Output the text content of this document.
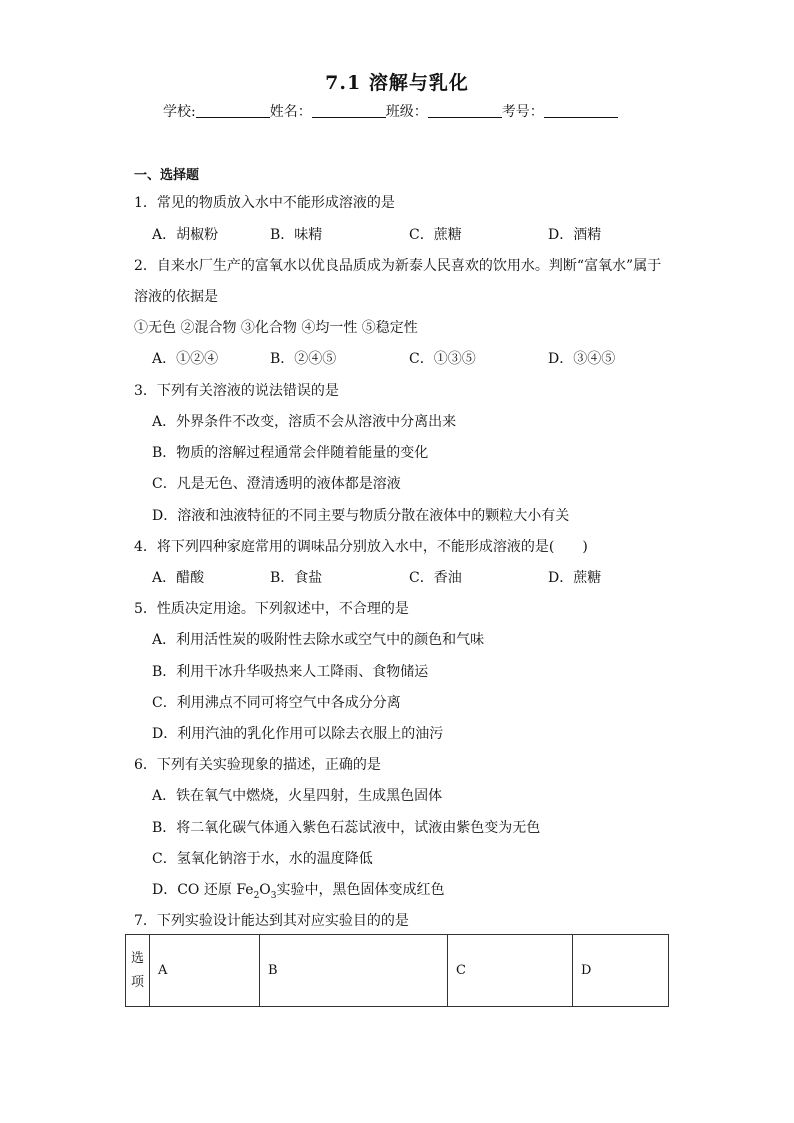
7.1 溶解与乳化
学校:	姓名：	班级：	考号：
一、选择题
1．常见的物质放入水中不能形成溶液的是
A．胡椒粉	B．味精	C．蔗糖	D．酒精
2．自来水厂生产的富氧水以优良品质成为新泰人民喜欢的饮用水。判断“富氧水”属于
溶液的依据是
①无色 ②混合物 ③化合物 ④均一性 ⑤稳定性
A．①②④	B．②④⑤	C．①③⑤	D．③④⑤
3．下列有关溶液的说法错误的是
A．外界条件不改变，溶质不会从溶液中分离出来
B．物质的溶解过程通常会伴随着能量的变化
C．凡是无色、澄清透明的液体都是溶液
D．溶液和浊液特征的不同主要与物质分散在液体中的颗粒大小有关
4．将下列四种家庭常用的调味品分别放入水中，不能形成溶液的是(　　)
A．醋酸	B．食盐	C．香油	D．蔗糖
5．性质决定用途。下列叙述中，不合理的是
A．利用活性炭的吸附性去除水或空气中的颜色和气味
B．利用干冰升华吸热来人工降雨、食物储运
C．利用沸点不同可将空气中各成分分离
D．利用汽油的乳化作用可以除去衣服上的油污
6．下列有关实验现象的描述，正确的是
A．铁在氧气中燃烧，火星四射，生成黑色固体
B．将二氧化碳气体通入紫色石蕊试液中，试液由紫色变为无色
C．氢氧化钠溶于水，水的温度降低
D．CO 还原 $Fe_2O_3$实验中，黑色固体变成红色
7．下列实验设计能达到其对应实验目的的是
选
项	A	B	C	D
